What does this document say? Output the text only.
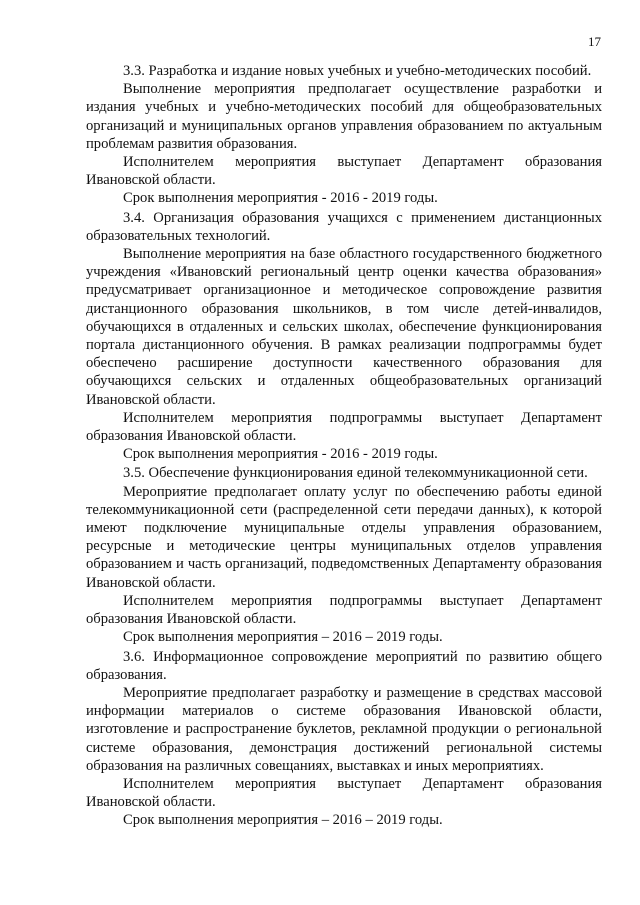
17

3.3. Разработка и издание новых учебных и учебно-методических пособий.

Выполнение мероприятия предполагает осуществление разработки и издания учебных и учебно-методических пособий для общеобразовательных организаций и муниципальных органов управления образованием по актуальным проблемам развития образования.

Исполнителем мероприятия выступает Департамент образования Ивановской области.

Срок выполнения мероприятия - 2016 - 2019 годы.

3.4. Организация образования учащихся с применением дистанционных образовательных технологий.

Выполнение мероприятия на базе областного государственного бюджетного учреждения «Ивановский региональный центр оценки качества образования» предусматривает организационное и методическое сопровождение развития дистанционного образования школьников, в том числе детей-инвалидов, обучающихся в отдаленных и сельских школах, обеспечение функционирования портала дистанционного обучения. В рамках реализации подпрограммы будет обеспечено расширение доступности качественного образования для обучающихся сельских и отдаленных общеобразовательных организаций Ивановской области.

Исполнителем мероприятия подпрограммы выступает Департамент образования Ивановской области.

Срок выполнения мероприятия - 2016 - 2019 годы.

3.5. Обеспечение функционирования единой телекоммуникационной сети.

Мероприятие предполагает оплату услуг по обеспечению работы единой телекоммуникационной сети (распределенной сети передачи данных), к которой имеют подключение муниципальные отделы управления образованием, ресурсные и методические центры муниципальных отделов управления образованием и часть организаций, подведомственных Департаменту образования Ивановской области.

Исполнителем мероприятия подпрограммы выступает Департамент образования Ивановской области.

Срок выполнения мероприятия – 2016 – 2019 годы.

3.6. Информационное сопровождение мероприятий по развитию общего образования.

Мероприятие предполагает разработку и размещение в средствах массовой информации материалов о системе образования Ивановской области, изготовление и распространение буклетов, рекламной продукции о региональной системе образования, демонстрация достижений региональной системы образования на различных совещаниях, выставках и иных мероприятиях.

Исполнителем мероприятия выступает Департамент образования Ивановской области.

Срок выполнения мероприятия – 2016 – 2019 годы.
